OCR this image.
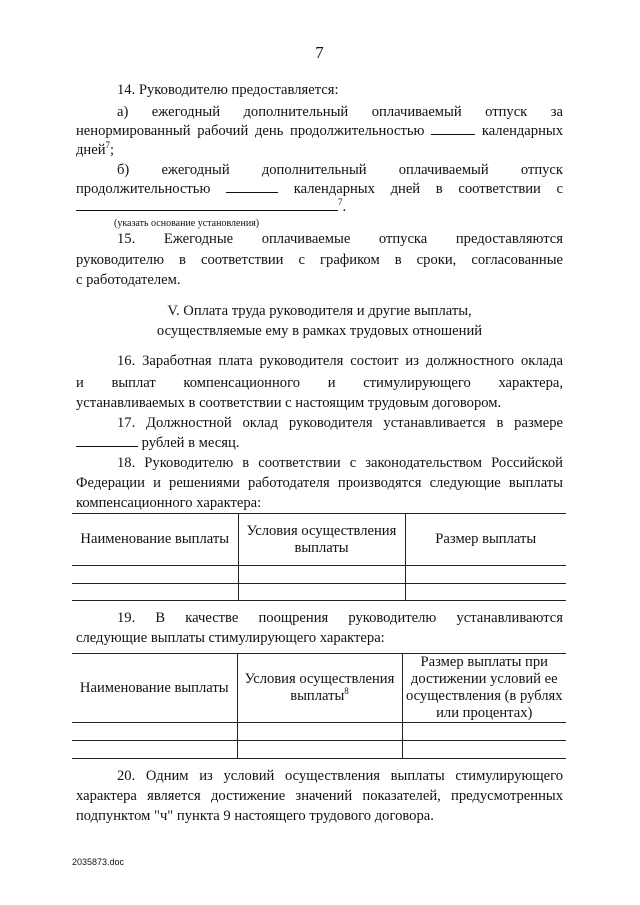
7
14. Руководителю предоставляется:
а) ежегодный дополнительный оплачиваемый отпуск за
ненормированный рабочий день продолжительностью	календарных
дней$^7$;
б) ежегодный дополнительный оплачиваемый отпуск
продолжительностью	календарных дней в соответствии с
$^7$.
(указать основание установления)
15. Ежегодные оплачиваемые отпуска предоставляются
руководителю в соответствии с графиком в сроки, согласованные
с работодателем.
V. Оплата труда руководителя и другие выплаты,
осуществляемые ему в рамках трудовых отношений
16. Заработная плата руководителя состоит из должностного оклада
и выплат компенсационного и стимулирующего характера,
устанавливаемых в соответствии с настоящим трудовым договором.
17. Должностной оклад руководителя устанавливается в размере
рублей в месяц.
18. Руководителю в соответствии с законодательством Российской
Федерации и решениями работодателя производятся следующие выплаты
компенсационного характера:
Наименование выплаты	Условия осуществления выплаты	Размер выплаты

19. В качестве поощрения руководителю устанавливаются
следующие выплаты стимулирующего характера:
Наименование выплаты	Условия осуществления выплаты$^8$	Размер выплаты при достижении условий ее осуществления (в рублях или процентах)

20. Одним из условий осуществления выплаты стимулирующего
характера является достижение значений показателей, предусмотренных
подпунктом "ч" пункта 9 настоящего трудового договора.
2035873.doc
